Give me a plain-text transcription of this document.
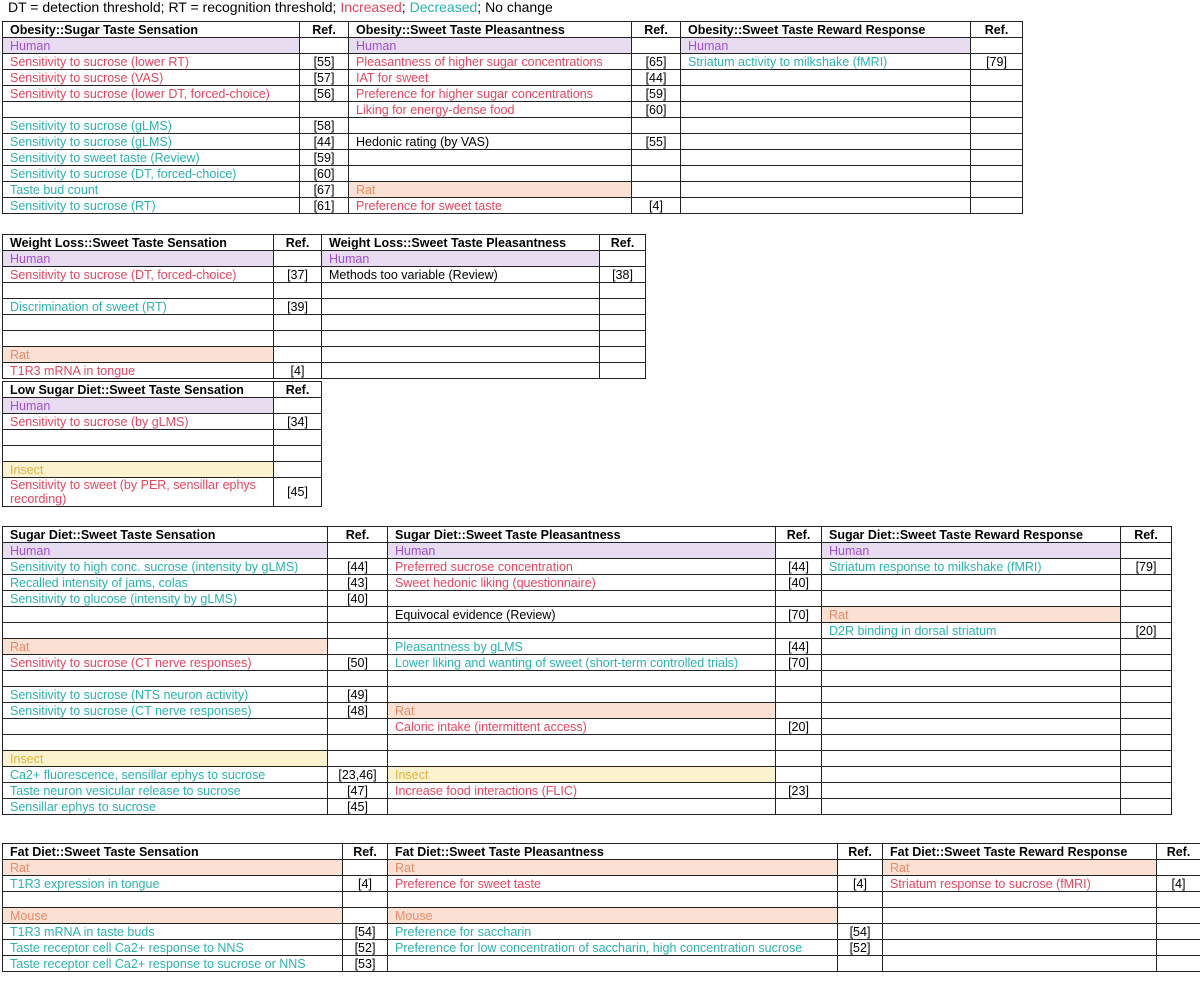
DT = detection threshold; RT = recognition threshold; Increased; Decreased; No change
Obesity::Sugar Taste Sensation	Ref.	Obesity::Sweet Taste Pleasantness	Ref.	Obesity::Sweet Taste Reward Response	Ref.
Human		Human		Human	
Sensitivity to sucrose (lower RT)	[55]	Pleasantness of higher sugar concentrations	[65]	Striatum activity to milkshake (fMRI)	[79]
Sensitivity to sucrose (VAS)	[57]	IAT for sweet	[44]		
Sensitivity to sucrose (lower DT, forced-choice)	[56]	Preference for higher sugar concentrations	[59]		
		Liking for energy-dense food	[60]		
Sensitivity to sucrose (gLMS)	[58]				
Sensitivity to sucrose (gLMS)	[44]	Hedonic rating (by VAS)	[55]		
Sensitivity to sweet taste (Review)	[59]				
Sensitivity to sucrose (DT, forced-choice)	[60]				
Taste bud count	[67]	Rat			
Sensitivity to sucrose (RT)	[61]	Preference for sweet taste	[4]		
Weight Loss::Sweet Taste Sensation	Ref.	Weight Loss::Sweet Taste Pleasantness	Ref.
Human		Human	
Sensitivity to sucrose (DT, forced-choice)	[37]	Methods too variable (Review)	[38]

Discrimination of sweet (RT)	[39]		

Rat			
T1R3 mRNA in tongue	[4]		
Low Sugar Diet::Sweet Taste Sensation	Ref.
Human	
Sensitivity to sucrose (by gLMS)	[34]

Insect	
Sensitivity to sweet (by PER, sensillar ephys recording)	[45]
Sugar Diet::Sweet Taste Sensation	Ref.	Sugar Diet::Sweet Taste Pleasantness	Ref.	Sugar Diet::Sweet Taste Reward Response	Ref.
Human		Human		Human	
Sensitivity to high conc. sucrose (intensity by gLMS)	[44]	Preferred sucrose concentration	[44]	Striatum response to milkshake (fMRI)	[79]
Recalled intensity of jams, colas	[43]	Sweet hedonic liking (questionnaire)	[40]		
Sensitivity to glucose (intensity by gLMS)	[40]				
		Equivocal evidence (Review)	[70]	Rat	
				D2R binding in dorsal striatum	[20]
Rat		Pleasantness by gLMS	[44]		
Sensitivity to sucrose (CT nerve responses)	[50]	Lower liking and wanting of sweet (short-term controlled trials)	[70]		

Sensitivity to sucrose (NTS neuron activity)	[49]				
Sensitivity to sucrose (CT nerve responses)	[48]	Rat			
		Caloric intake (intermittent access)	[20]		

Insect					
Ca2+ fluorescence, sensillar ephys to sucrose	[23,46]	Insect			
Taste neuron vesicular release to sucrose	[47]	Increase food interactions (FLIC)	[23]		
Sensillar ephys to sucrose	[45]				
Fat Diet::Sweet Taste Sensation	Ref.	Fat Diet::Sweet Taste Pleasantness	Ref.	Fat Diet::Sweet Taste Reward Response	Ref.
Rat		Rat		Rat	
T1R3 expression in tongue	[4]	Preference for sweet taste	[4]	Striatum response to sucrose (fMRI)	[4]

Mouse		Mouse			
T1R3 mRNA in taste buds	[54]	Preference for saccharin	[54]		
Taste receptor cell Ca2+ response to NNS	[52]	Preference for low concentration of saccharin, high concentration sucrose	[52]		
Taste receptor cell Ca2+ response to sucrose or NNS	[53]				
